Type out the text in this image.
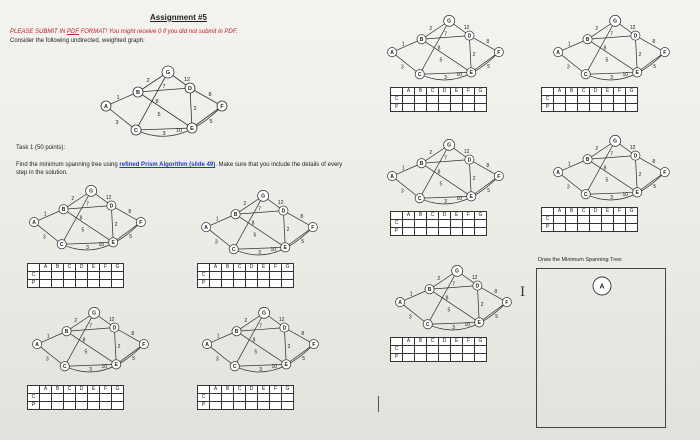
Assignment #5
PLEASE SUBMIT IN PDF FORMAT! You might receive 0 if you did not submit in PDF.
Consider the following undirected, weighted graph:
Task 1 (50 points):
Find the minimum spanning tree using refined Prism Algorithm (slide 49). Make sure that you include the details of every step in the solution.
1
3
2
7
5
3
8
2
8
5
12
10
A
B
C
D
E
F
G
1
3
2
7
5
3
8
2
8
5
12
10
A
B
C
D
E
F
G
1
3
2
7
5
3
8
2
8
5
12
10
A
B
C
D
E
F
G
	A	B	C	D	E	F	G
C							
P							
	A	B	C	D	E	F	G
C							
P							
1
3
2
7
5
3
8
2
8
5
12
10
A
B
C
D
E
F
G
1
3
2
7
5
3
8
2
8
5
12
10
A
B
C
D
E
F
G
	A	B	C	D	E	F	G
C							
P							
	A	B	C	D	E	F	G
C							
P							
1
3
2
7
5
3
8
2
8
5
12
10
A
B
C
D
E
F
G
1
3
2
7
5
3
8
2
8
5
12
10
A
B
C
D
E
F
G
	A	B	C	D	E	F	G
C							
P							
	A	B	C	D	E	F	G
C							
P							
1
3
2
7
5
3
8
2
8
5
12
10
A
B
C
D
E
F
G
	A	B	C	D	E	F	G
C							
P							
1
3
2
7
5
3
8
2
8
5
12
10
A
B
C
D
E
F
G
1
3
2
7
5
3
8
2
8
5
12
10
A
B
C
D
E
F
G
	A	B	C	D	E	F	G
C							
P							
	A	B	C	D	E	F	G
C							
P							
Draw the Minimum Spanning Tree:
I	A
